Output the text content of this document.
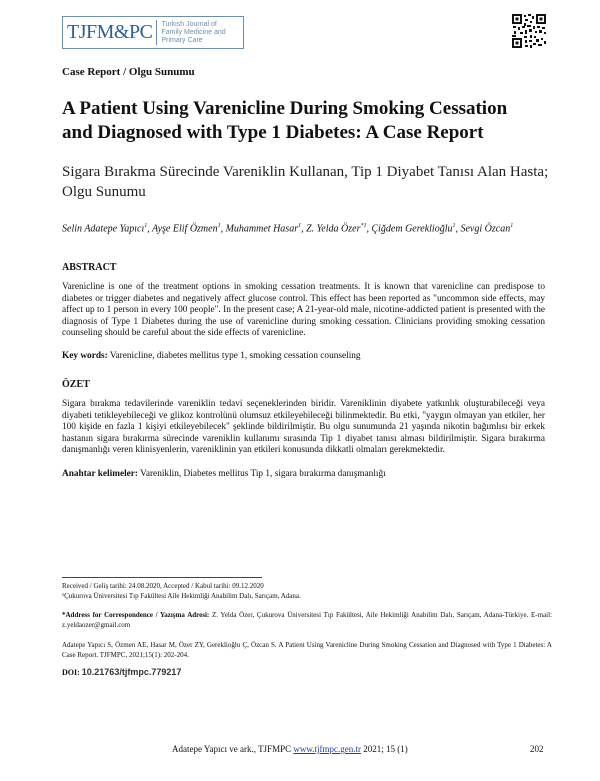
TJFM&PC	Turkish Journal of
Family Medicine and
Primary Care
Case Report / Olgu Sunumu
A Patient Using Varenicline During Smoking Cessation and Diagnosed with Type 1 Diabetes: A Case Report
Sigara Bırakma Sürecinde Vareniklin Kullanan, Tip 1 Diyabet Tanısı Alan Hasta; Olgu Sunumu
Selin Adatepe Yapıcı$^1$, Ayşe Elif Özmen$^1$, Muhammet Hasar$^1$, Z. Yelda Özer$^{*1}$, Çiğdem Gereklioğlu$^1$, Sevgi Özcan$^1$
ABSTRACT
Varenicline is one of the treatment options in smoking cessation treatments. It is known that varenicline can predispose to diabetes or trigger diabetes and negatively affect glucose control. This effect has been reported as "uncommon side effects, may affect up to 1 person in every 100 people". In the present case; A 21-year-old male, nicotine-addicted patient is presented with the diagnosis of Type 1 Diabetes during the use of varenicline during smoking cessation. Clinicians providing smoking cessation counseling should be careful about the side effects of varenicline.
Key words: Varenicline, diabetes mellitus type 1, smoking cessation counseling
ÖZET
Sigara bırakma tedavilerinde vareniklin tedavi seçeneklerinden biridir. Vareniklinin diyabete yatkınlık oluşturabileceği veya diyabeti tetikleyebileceği ve glikoz kontrolünü olumsuz etkileyebileceği bilinmektedir. Bu etki, "yaygın olmayan yan etkiler, her 100 kişide en fazla 1 kişiyi etkileyebilecek" şeklinde bildirilmiştir. Bu olgu sunumunda 21 yaşında nikotin bağımlısı bir erkek hastanın sigara bırakırma sürecinde vareniklin kullanımı sırasında Tip 1 diyabet tanısı alması bildirilmiştir. Sigara bırakırma danışmanlığı veren klinisyenlerin, vareniklinin yan etkileri konusunda dikkatli olmaları gerekmektedir.
Anahtar kelimeler: Vareniklin, Diabetes mellitus Tip 1, sigara bırakırma danışmanlığı
Received / Geliş tarihi: 24.08.2020, Accepted / Kabul tarihi: 09.12.2020
¹Çukurova Üniversitesi Tıp Fakültesi Aile Hekimliği Anabilim Dalı, Sarıçam, Adana.
*Address for Correspondence / Yazışma Adresi: Z. Yelda Özer, Çukurova Üniversitesi Tıp Fakültesi, Aile Hekimliği Anabilim Dalı, Sarıçam, Adana-Türkiye. E-mail: z.yeldaozer@gmail.com
Adatepe Yapıcı S, Özmen AE, Hasar M, Özer ZY, Gereklioğlu Ç, Özcan S. A Patient Using Varenicline During Smoking Cessation and Diagnosed with Type 1 Diabetes: A Case Report. TJFMPC, 2021;15(1): 202-204.
DOI: 10.21763/tjfmpc.779217
Adatepe Yapıcı ve ark., TJFMPC www.tjfmpc.gen.tr 2021; 15 (1)	202
